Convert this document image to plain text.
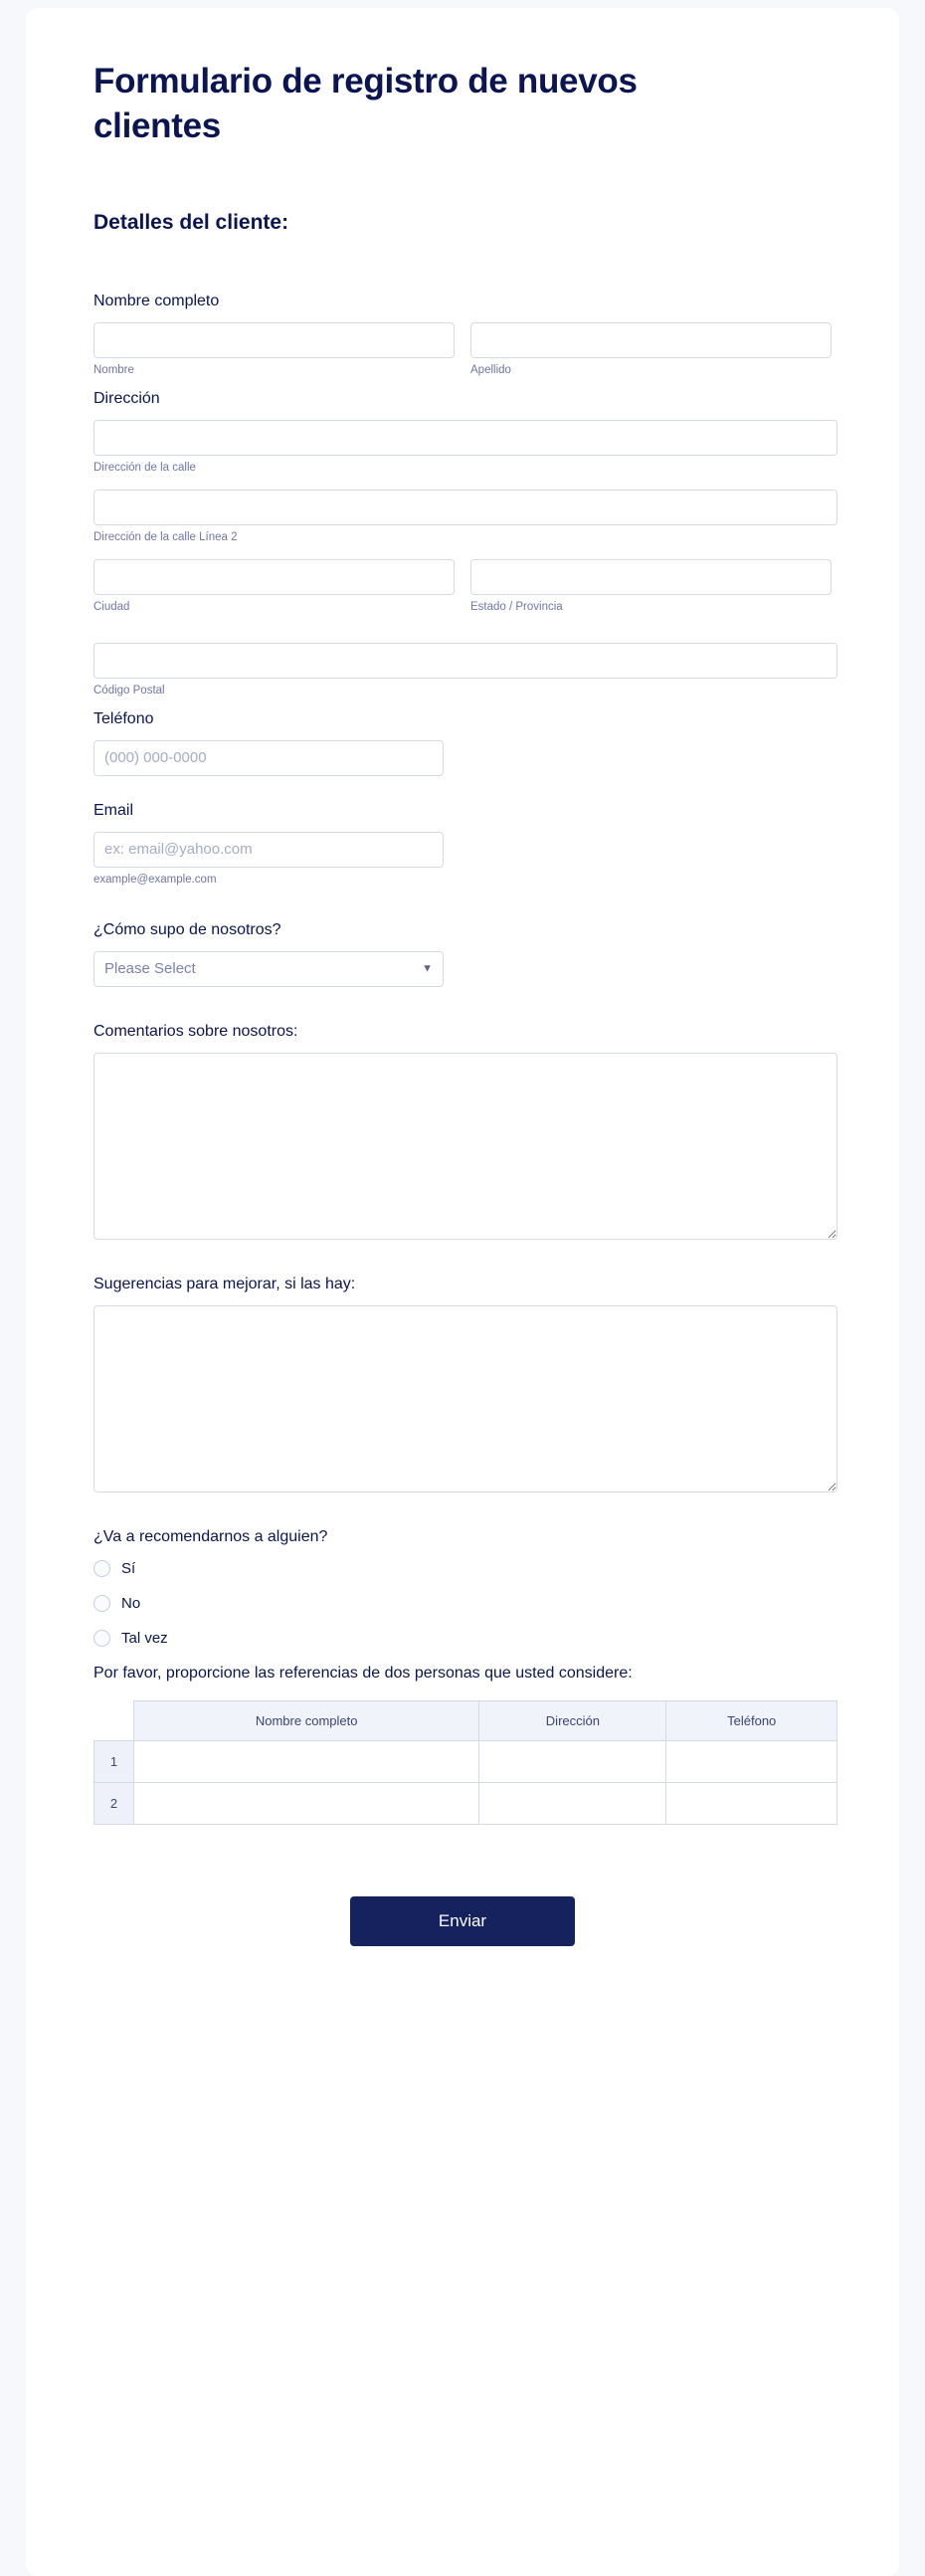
Formulario de registro de nuevos clientes
Detalles del cliente:
Nombre completo
Nombre	Apellido
Dirección
Dirección de la calle
Dirección de la calle Línea 2
Ciudad	Estado / Provincia
Código Postal
Teléfono
(000) 000-0000
Email
ex: email@yahoo.com
example@example.com
¿Cómo supo de nosotros?
Please Select
▼
Comentarios sobre nosotros:
Sugerencias para mejorar, si las hay:
¿Va a recomendarnos a alguien?
Sí
No
Tal vez
Por favor, proporcione las referencias de dos personas que usted considere:
	Nombre completo	Dirección	Teléfono
1			
2			
Enviar
